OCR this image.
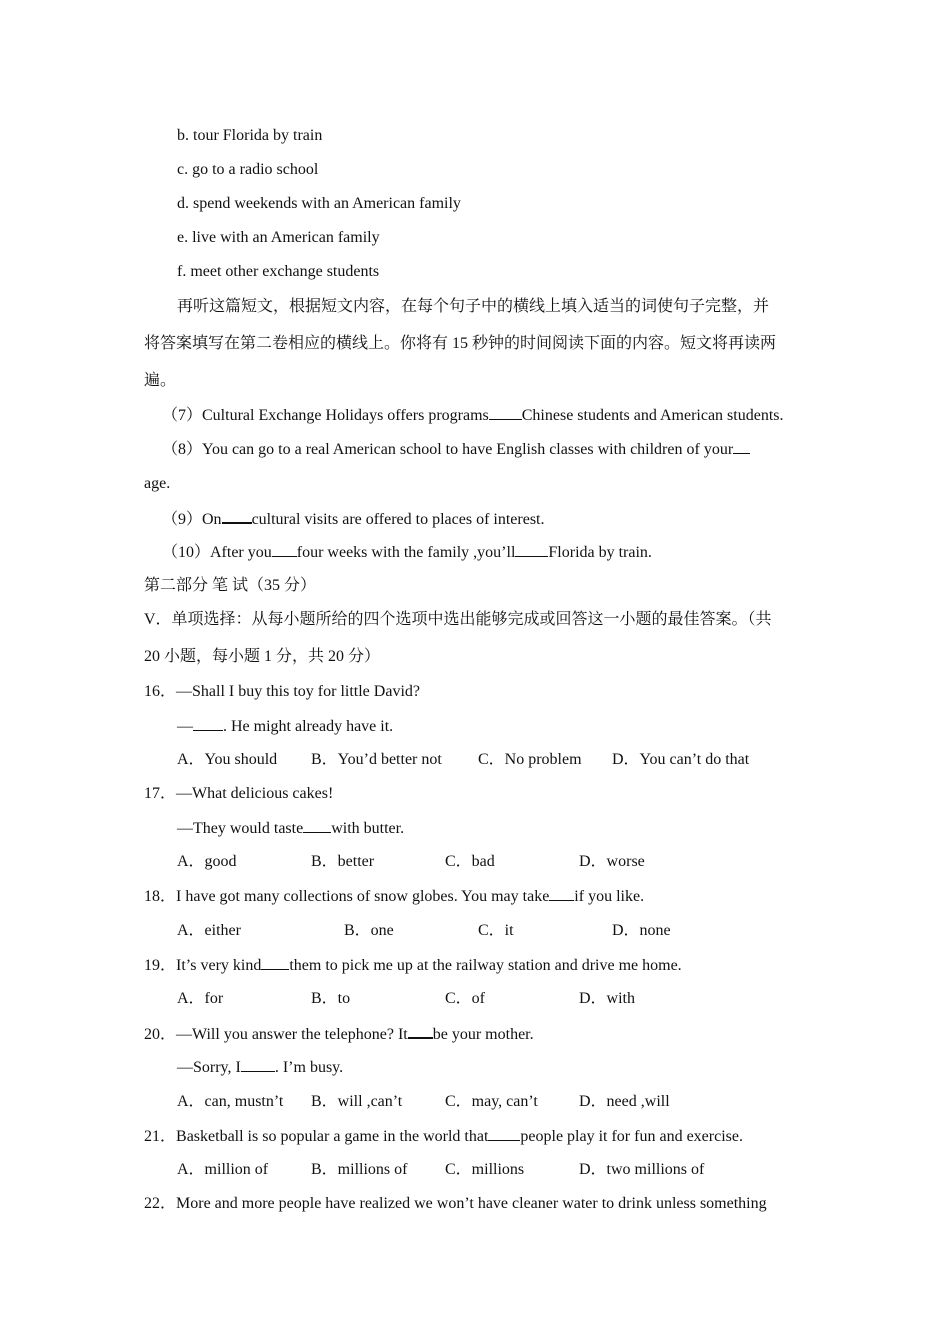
b. tour Florida by train
c. go to a radio school
d. spend weekends with an American family
e. live with an American family
f. meet other exchange students
再听这篇短文，根据短文内容，在每个句子中的横线上填入适当的词使句子完整，并
将答案填写在第二卷相应的横线上。你将有 15 秒钟的时间阅读下面的内容。短文将再读两
遍。
（7）Cultural Exchange Holidays offers programs Chinese students and American students.
（8）You can go to a real American school to have English classes with children of your
age.
（9）On cultural visits are offered to places of interest.
（10）After you four weeks with the family ,you’ll Florida by train.
第二部分 笔 试（35 分）
V．单项选择：从每小题所给的四个选项中选出能够完成或回答这一小题的最佳答案。（共
20 小题，每小题 1 分，共 20 分）
16．—Shall I buy this toy for little David?
— . He might already have it.
A．You should B．You’d better not C．No problem D．You can’t do that
17．—What delicious cakes!
—They would taste with butter.
A．good	B．better	C．bad	D．worse
18．I have got many collections of snow globes. You may take if you like.
A．either	B．one	C．it	D．none
19．It’s very kind them to pick me up at the railway station and drive me home.
A．for	B．to	C．of	D．with
20．—Will you answer the telephone? It be your mother.
—Sorry, I . I’m busy.
A．can, mustn’t B．will ,can’t	C．may, can’t	D．need ,will
21．Basketball is so popular a game in the world that people play it for fun and exercise.
A．million of	B．millions of C．millions	D．two millions of
22．More and more people have realized we won’t have cleaner water to drink unless something
